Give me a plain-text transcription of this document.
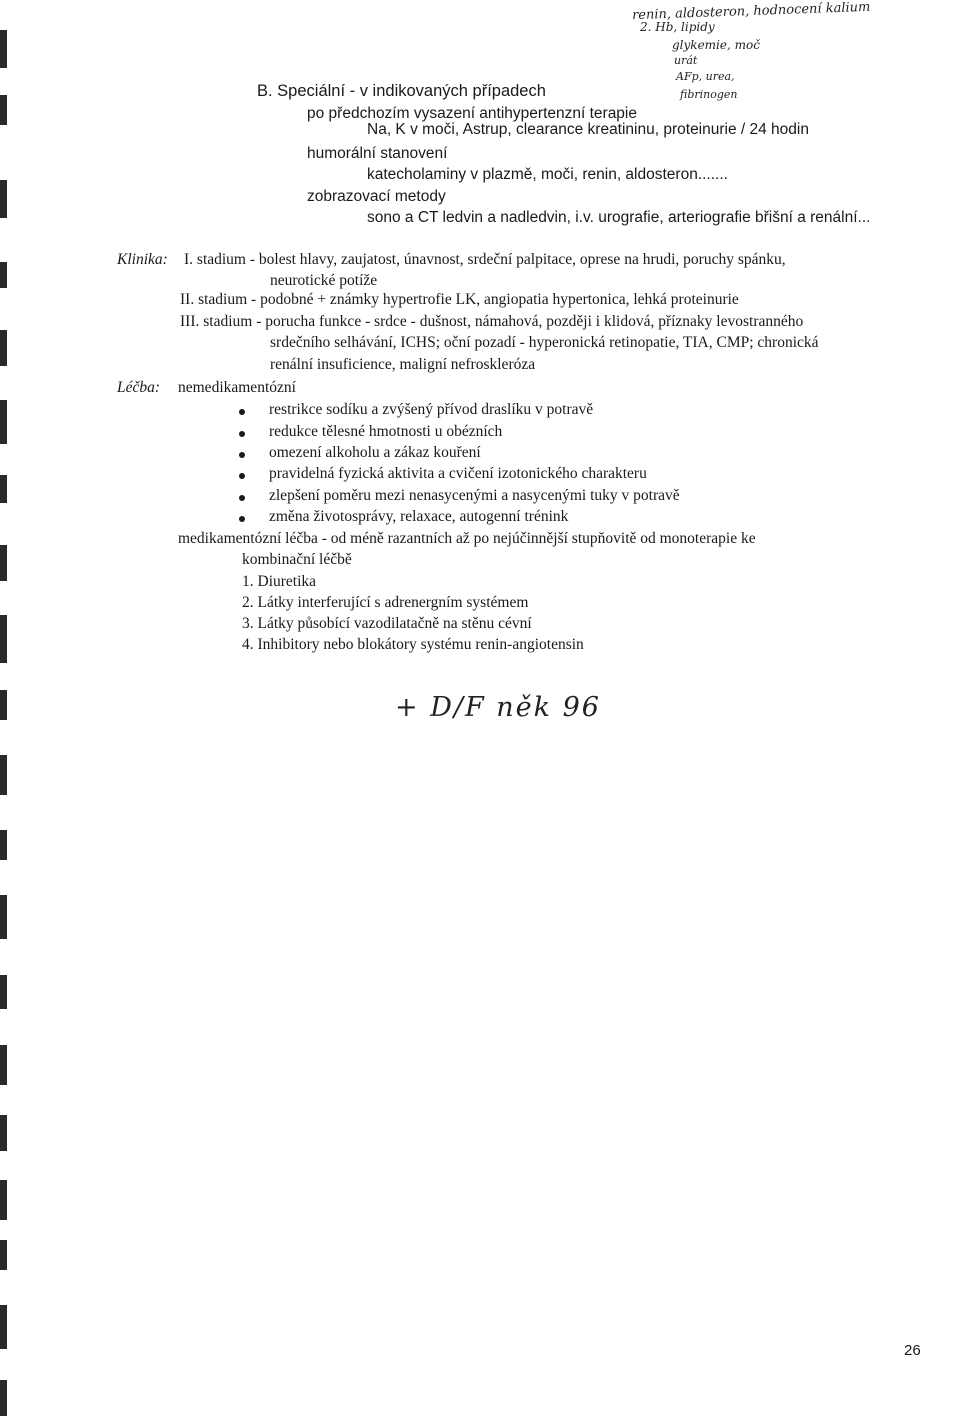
renin, aldosteron, hodnocení kalium
2. Hb, lipidy
glykemie, moč
urát
AFp, urea,
fibrinogen
B. Speciální - v indikovaných případech
po předchozím vysazení antihypertenzní terapie
Na, K v moči, Astrup, clearance kreatininu, proteinurie / 24 hodin
humorální stanovení
katecholaminy v plazmě, moči, renin, aldosteron.......
zobrazovací metody
sono a CT ledvin a nadledvin, i.v. urografie, arteriografie břišní a renální...
Klinika: I. stadium - bolest hlavy, zaujatost, únavnost, srdeční palpitace, oprese na hrudi, poruchy spánku,
neurotické potíže
II. stadium - podobné + známky hypertrofie LK, angiopatia hypertonica, lehká proteinurie
III. stadium - porucha funkce - srdce - dušnost, námahová, později i klidová, příznaky levostranného
srdečního selhávání, ICHS; oční pozadí - hyperonická retinopatie, TIA, CMP; chronická
renální insuficience, maligní nefroskleróza
Léčba: nemedikamentózní
restrikce sodíku a zvýšený přívod draslíku v potravě
redukce tělesné hmotnosti u obézních
omezení alkoholu a zákaz kouření
pravidelná fyzická aktivita a cvičení izotonického charakteru
zlepšení poměru mezi nenasycenými a nasycenými tuky v potravě
změna životosprávy, relaxace, autogenní trénink
medikamentózní léčba - od méně razantních až po nejúčinnější stupňovitě od monoterapie ke
kombinační léčbě
1. Diuretika
2. Látky interferující s adrenergním systémem
3. Látky působící vazodilatačně na stěnu cévní
4. Inhibitory nebo blokátory systému renin-angiotensin
+ D/F něk 96
26
